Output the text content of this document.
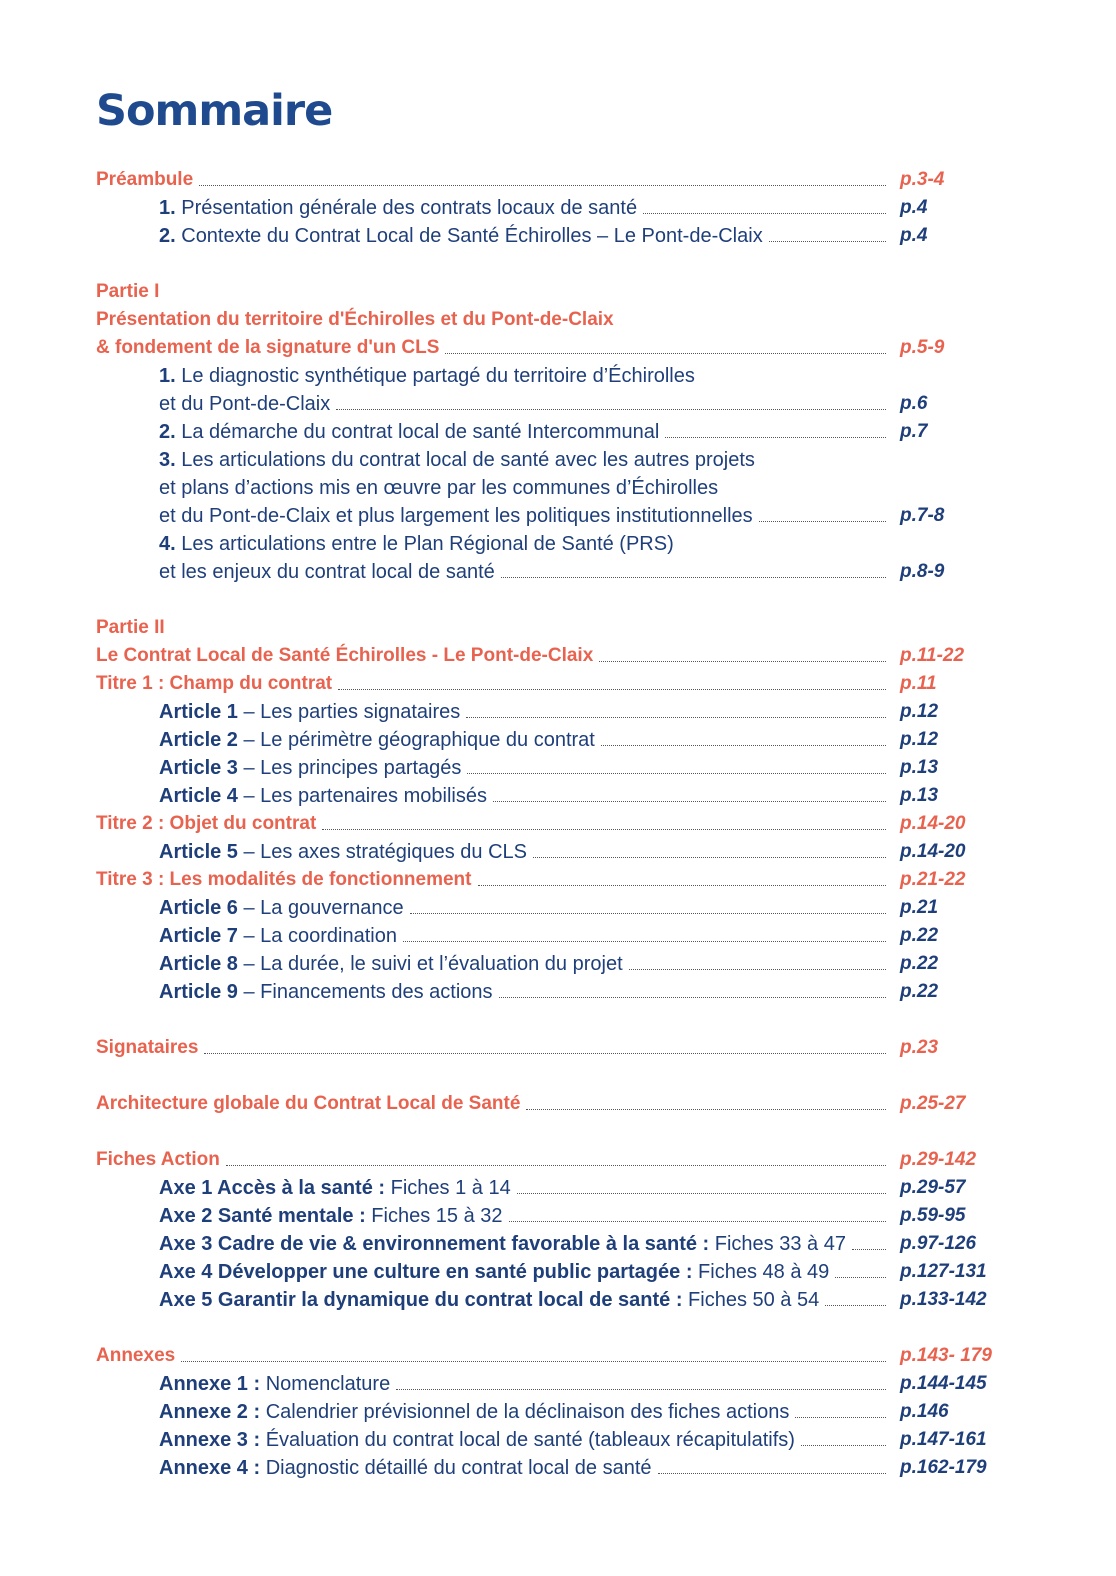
Sommaire
Préambule	p.3-4
1. Présentation générale des contrats locaux de santé	p.4
2. Contexte du Contrat Local de Santé Échirolles – Le Pont-de-Claix	p.4
Partie I
Présentation du territoire d'Échirolles et du Pont-de-Claix
& fondement de la signature d'un CLS	p.5-9
1. Le diagnostic synthétique partagé du territoire d’Échirolles
et du Pont-de-Claix	p.6
2. La démarche du contrat local de santé Intercommunal	p.7
3. Les articulations du contrat local de santé avec les autres projets
et plans d’actions mis en œuvre par les communes d’Échirolles
et du Pont-de-Claix et plus largement les politiques institutionnelles	p.7-8
4. Les articulations entre le Plan Régional de Santé (PRS)
et les enjeux du contrat local de santé	p.8-9
Partie II
Le Contrat Local de Santé Échirolles - Le Pont-de-Claix	p.11-22
Titre 1 : Champ du contrat	p.11
Article 1 – Les parties signataires	p.12
Article 2 – Le périmètre géographique du contrat	p.12
Article 3 – Les principes partagés	p.13
Article 4 – Les partenaires mobilisés	p.13
Titre 2 : Objet du contrat	p.14-20
Article 5 – Les axes stratégiques du CLS	p.14-20
Titre 3 : Les modalités de fonctionnement	p.21-22
Article 6 – La gouvernance	p.21
Article 7 – La coordination	p.22
Article 8 – La durée, le suivi et l’évaluation du projet	p.22
Article 9 – Financements des actions	p.22
Signataires	p.23
Architecture globale du Contrat Local de Santé	p.25-27
Fiches Action	p.29-142
Axe 1 Accès à la santé : Fiches 1 à 14	p.29-57
Axe 2 Santé mentale : Fiches 15 à 32	p.59-95
Axe 3 Cadre de vie & environnement favorable à la santé : Fiches 33 à 47	p.97-126
Axe 4 Développer une culture en santé public partagée : Fiches 48 à 49	p.127-131
Axe 5 Garantir la dynamique du contrat local de santé : Fiches 50 à 54	p.133-142
Annexes	p.143- 179
Annexe 1 : Nomenclature	p.144-145
Annexe 2 : Calendrier prévisionnel de la déclinaison des fiches actions	p.146
Annexe 3 : Évaluation du contrat local de santé (tableaux récapitulatifs)	p.147-161
Annexe 4 : Diagnostic détaillé du contrat local de santé	p.162-179
